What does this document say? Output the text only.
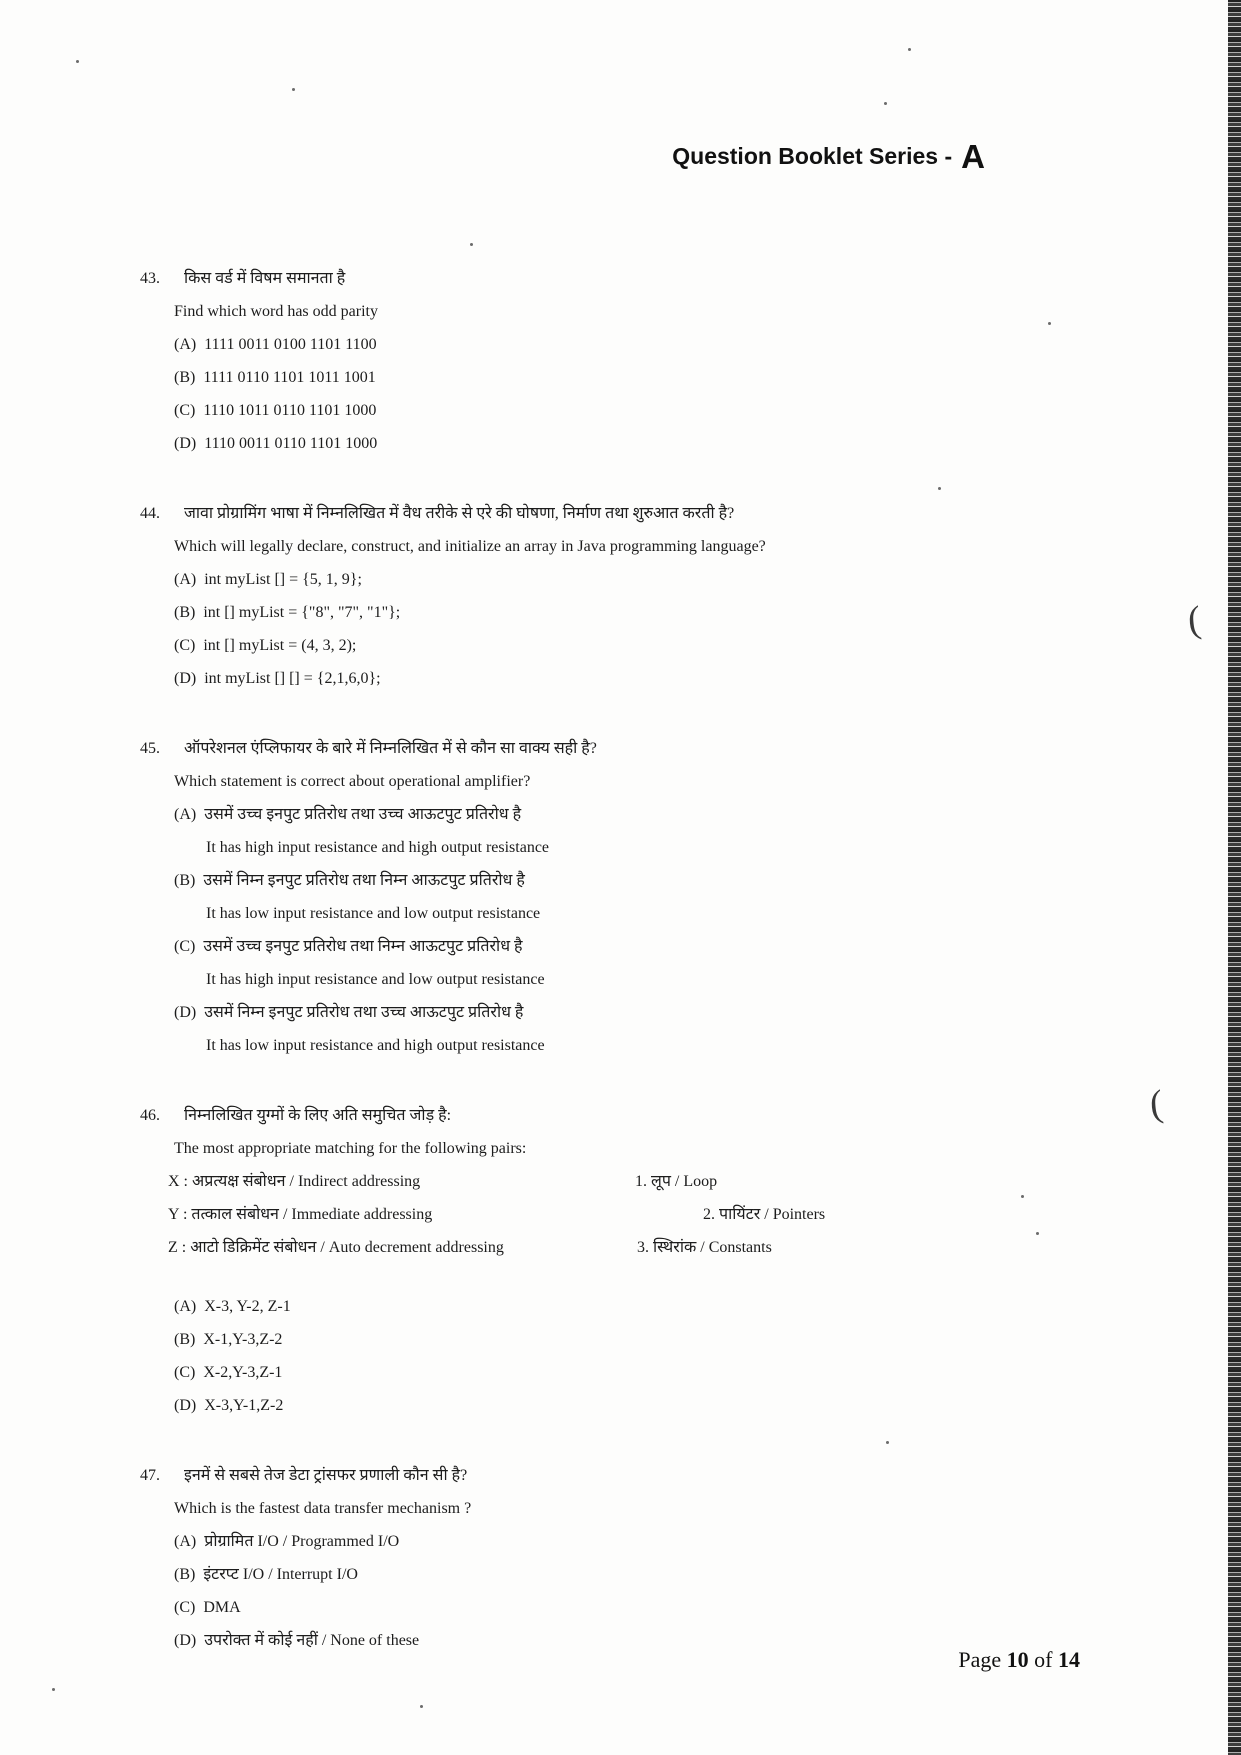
Question Booklet Series - A
43.	किस वर्ड में विषम समानता है
Find which word has odd parity
(A) 1111 0011 0100 1101 1100
(B) 1111 0110 1101 1011 1001
(C) 1110 1011 0110 1101 1000
(D) 1110 0011 0110 1101 1000
44.	जावा प्रोग्रामिंग भाषा में निम्नलिखित में वैध तरीके से एरे की घोषणा, निर्माण तथा शुरुआत करती है?
Which will legally declare, construct, and initialize an array in Java programming language?
(A) int myList [] = {5, 1, 9};
(B) int [] myList = {"8", "7", "1"};
(C) int [] myList = (4, 3, 2);
(D) int myList [] [] = {2,1,6,0};
45.	ऑपरेशनल एंप्लिफायर के बारे में निम्नलिखित में से कौन सा वाक्य सही है?
Which statement is correct about operational amplifier?
(A) उसमें उच्च इनपुट प्रतिरोध तथा उच्च आऊटपुट प्रतिरोध है
It has high input resistance and high output resistance
(B) उसमें निम्न इनपुट प्रतिरोध तथा निम्न आऊटपुट प्रतिरोध है
It has low input resistance and low output resistance
(C) उसमें उच्च इनपुट प्रतिरोध तथा निम्न आऊटपुट प्रतिरोध है
It has high input resistance and low output resistance
(D) उसमें निम्न इनपुट प्रतिरोध तथा उच्च आऊटपुट प्रतिरोध है
It has low input resistance and high output resistance
46.	निम्नलिखित युग्मों के लिए अति समुचित जोड़ है:
The most appropriate matching for the following pairs:
X : अप्रत्यक्ष संबोधन / Indirect addressing	1. लूप / Loop
Y : तत्काल संबोधन / Immediate addressing	2. पायिंटर / Pointers
Z : आटो डिक्रिमेंट संबोधन / Auto decrement addressing	3. स्थिरांक / Constants
(A) X-3, Y-2, Z-1
(B) X-1,Y-3,Z-2
(C) X-2,Y-3,Z-1
(D) X-3,Y-1,Z-2
47.	इनमें से सबसे तेज डेटा ट्रांसफर प्रणाली कौन सी है?
Which is the fastest data transfer mechanism ?
(A) प्रोग्रामित I/O / Programmed I/O
(B) इंटरप्ट I/O / Interrupt I/O
(C) DMA
(D) उपरोक्त में कोई नहीं / None of these
Page 10 of 14
(
(
